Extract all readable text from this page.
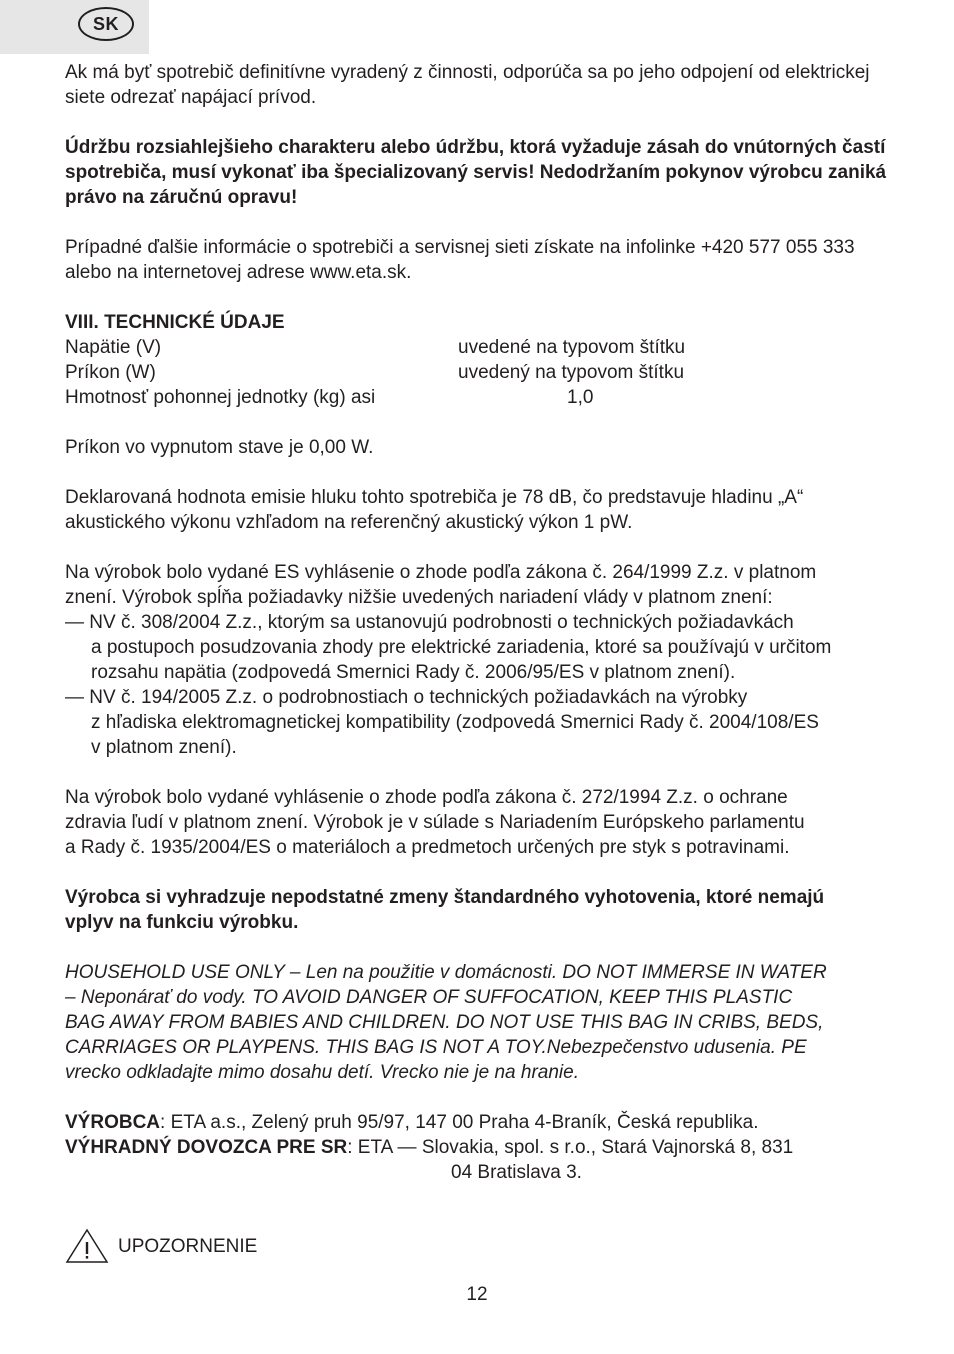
SK

Ak má byť spotrebič definitívne vyradený z činnosti, odporúča sa po jeho odpojení od elektrickej siete odrezať napájací prívod.

Údržbu rozsiahlejšieho charakteru alebo údržbu, ktorá vyžaduje zásah do vnútorných častí spotrebiča, musí vykonať iba špecializovaný servis! Nedodržaním pokynov výrobcu zaniká právo na záručnú opravu!

Prípadné ďalšie informácie o spotrebiči a servisnej sieti získate na infolinke +420 577 055 333 alebo na internetovej adrese www.eta.sk.

VIII. TECHNICKÉ ÚDAJE
Napätie (V)	uvedené na typovom štítku
Príkon (W)	uvedený na typovom štítku
Hmotnosť pohonnej jednotky (kg) asi	1,0

Príkon vo vypnutom stave je 0,00 W.

Deklarovaná hodnota emisie hluku tohto spotrebiča je 78 dB, čo predstavuje hladinu „A“
akustického výkonu vzhľadom na referenčný akustický výkon 1 pW.

Na výrobok bolo vydané ES vyhlásenie o zhode podľa zákona č. 264/1999 Z.z. v platnom
znení. Výrobok spĺňa požiadavky nižšie uvedených nariadení vlády v platnom znení:
— NV č. 308/2004 Z.z., ktorým sa ustanovujú podrobnosti o technických požiadavkách
a postupoch posudzovania zhody pre elektrické zariadenia, ktoré sa používajú v určitom
rozsahu napätia (zodpovedá Smernici Rady č. 2006/95/ES v platnom znení).
— NV č. 194/2005 Z.z. o podrobnostiach o technických požiadavkách na výrobky
z hľadiska elektromagnetickej kompatibility (zodpovedá Smernici Rady č. 2004/108/ES
v platnom znení).

Na výrobok bolo vydané vyhlásenie o zhode podľa zákona č. 272/1994 Z.z. o ochrane
zdravia ľudí v platnom znení. Výrobok je v súlade s Nariadením Európskeho parlamentu
a Rady č. 1935/2004/ES o materiáloch a predmetoch určených pre styk s potravinami.

Výrobca si vyhradzuje nepodstatné zmeny štandardného vyhotovenia, ktoré nemajú
vplyv na funkciu výrobku.

HOUSEHOLD USE ONLY – Len na použitie v domácnosti. DO NOT IMMERSE IN WATER
– Neponárať do vody. TO AVOID DANGER OF SUFFOCATION, KEEP THIS PLASTIC
BAG AWAY FROM BABIES AND CHILDREN. DO NOT USE THIS BAG IN CRIBS, BEDS,
CARRIAGES OR PLAYPENS. THIS BAG IS NOT A TOY.Nebezpečenstvo udusenia. PE
vrecko odkladajte mimo dosahu detí. Vrecko nie je na hranie.

VÝROBCA: ETA a.s., Zelený pruh 95/97, 147 00 Praha 4-Braník, Česká republika.
VÝHRADNÝ DOVOZCA PRE SR: ETA — Slovakia, spol. s r.o., Stará Vajnorská 8, 831
04 Bratislava 3.

UPOZORNENIE
12
